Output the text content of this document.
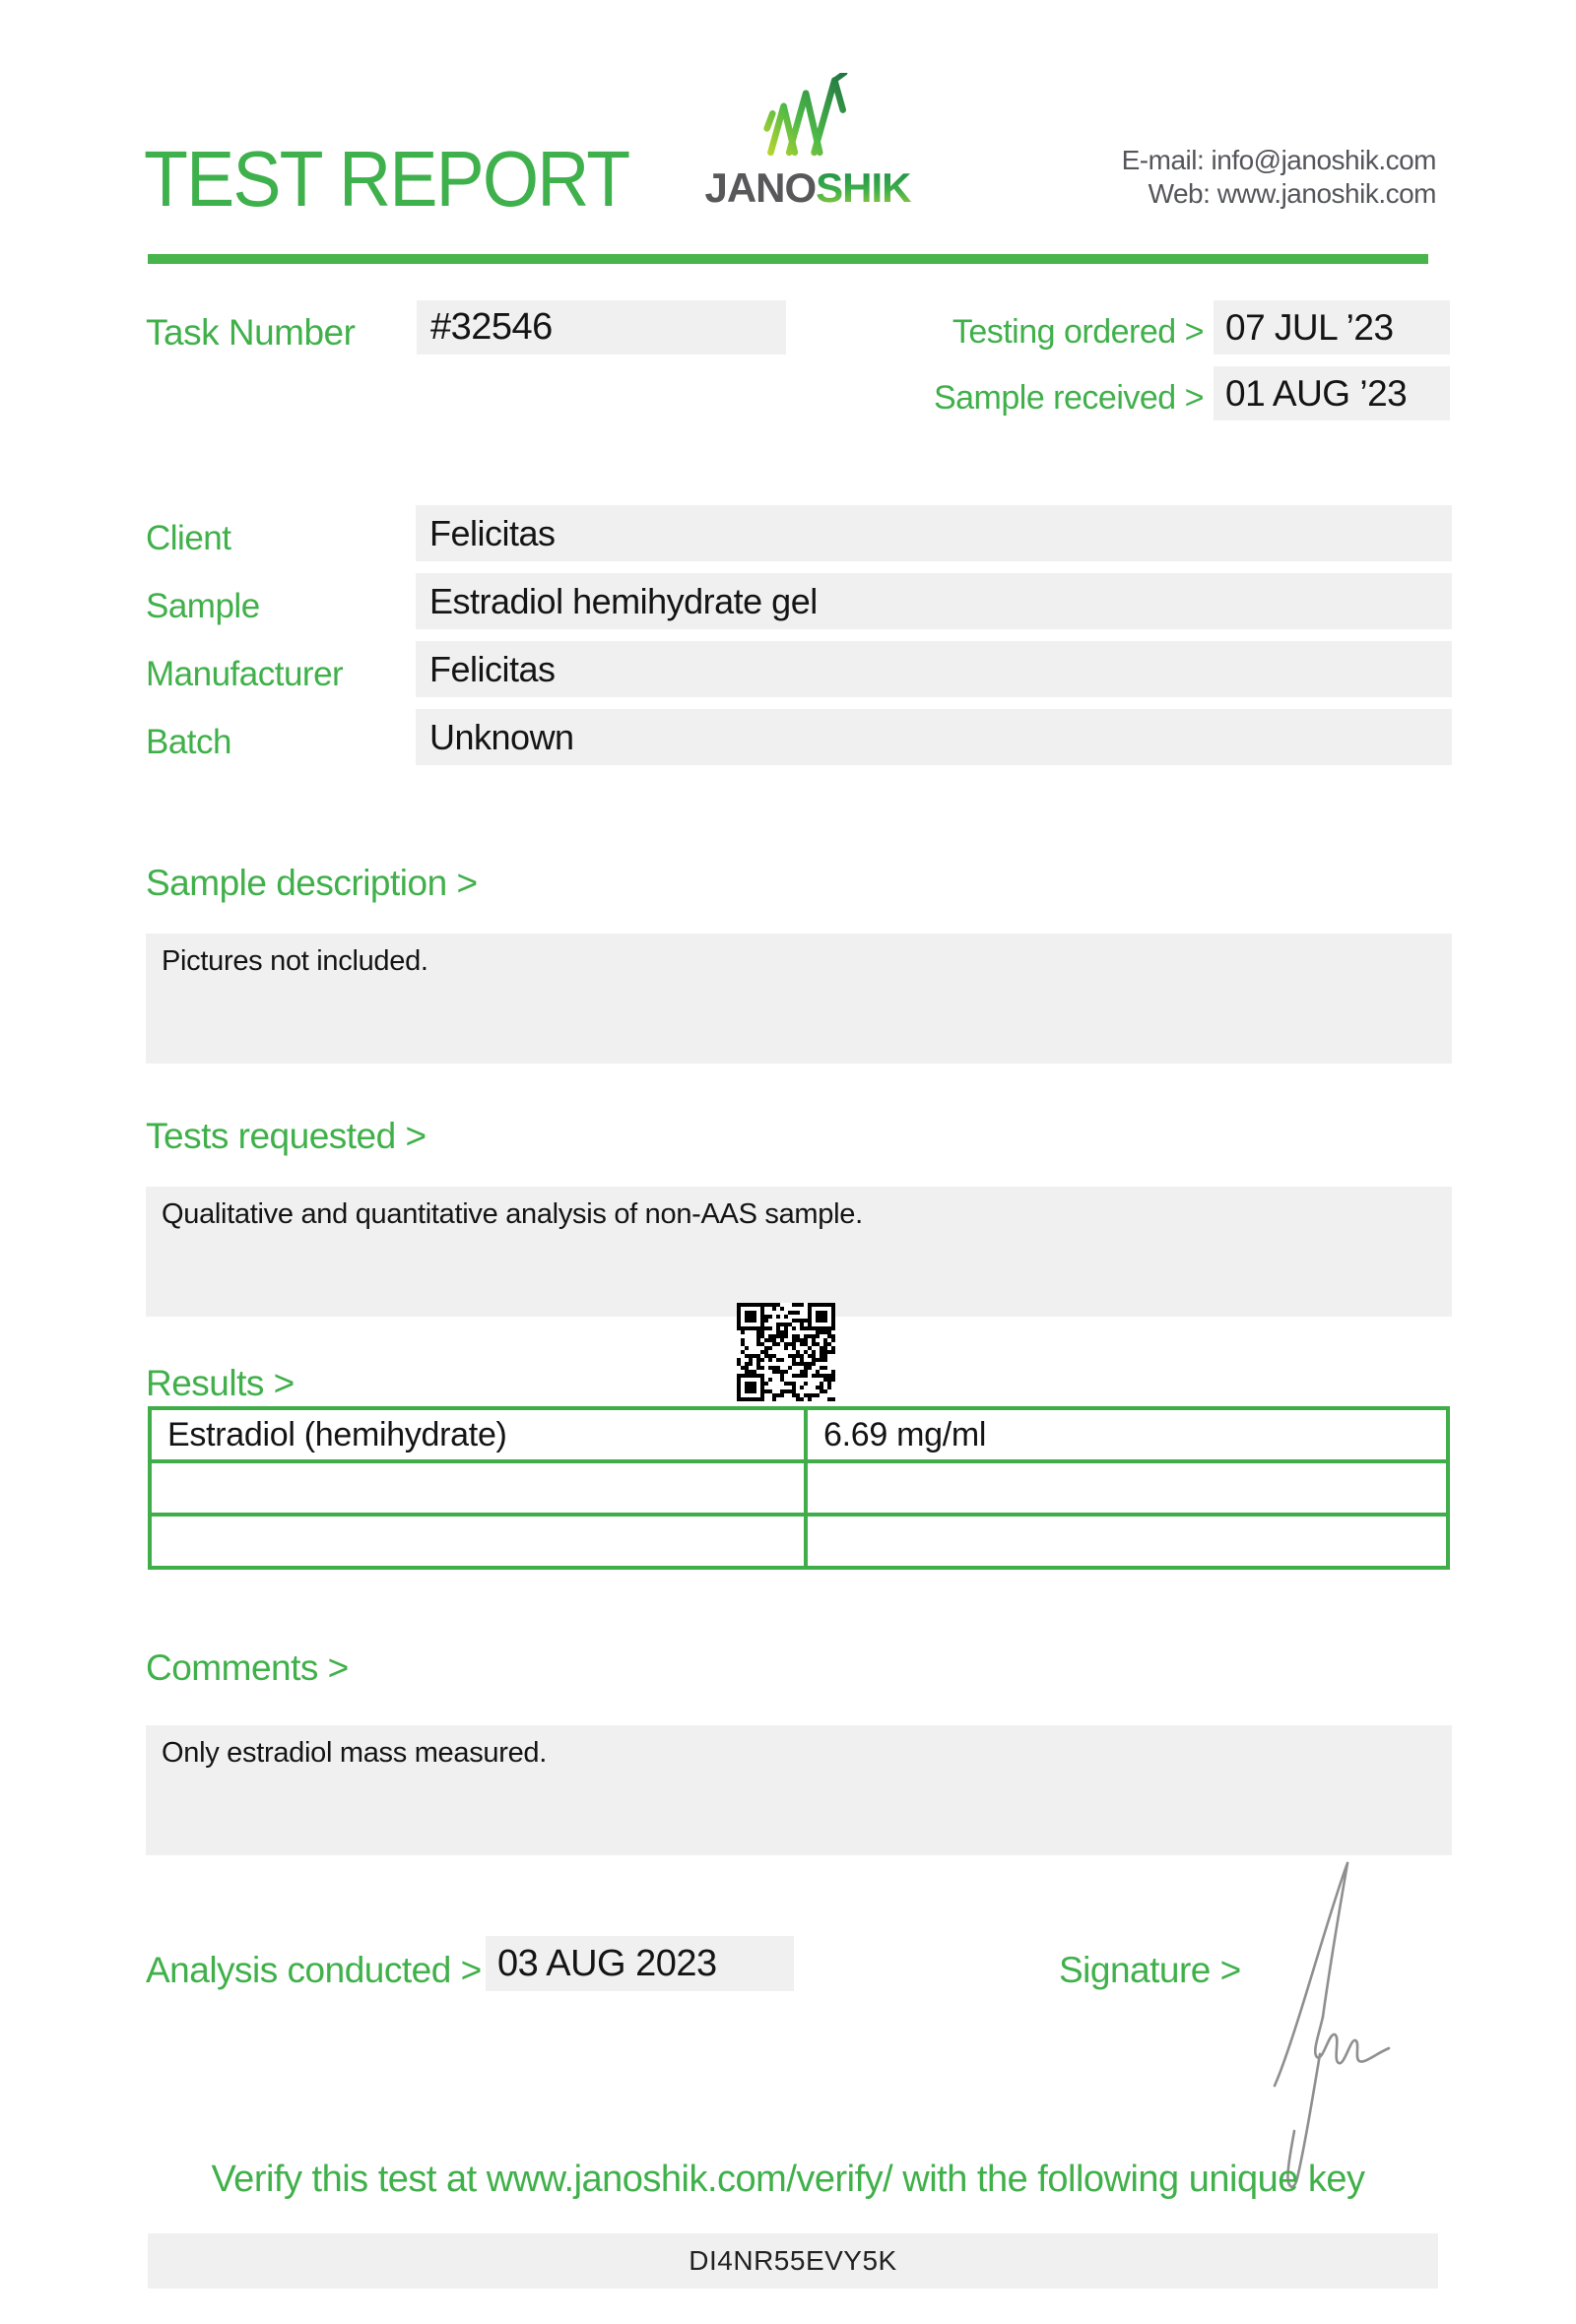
TEST REPORT	JANOSHIK
E-mail: info@janoshik.com
Web: www.janoshik.com
Task Number #32546	Testing ordered > 07 JUL ’23
Sample received > 01 AUG ’23
Client	Felicitas
Sample	Estradiol hemihydrate gel
Manufacturer Felicitas
Batch	Unknown
Sample description >
Pictures not included.
Tests requested >
Qualitative and quantitative analysis of non-AAS sample.
Results >
Estradiol (hemihydrate)	6.69 mg/ml

Comments >
Only estradiol mass measured.
Analysis conducted > 03 AUG 2023	Signature >
Verify this test at www.janoshik.com/verify/ with the following unique key
DI4NR55EVY5K
